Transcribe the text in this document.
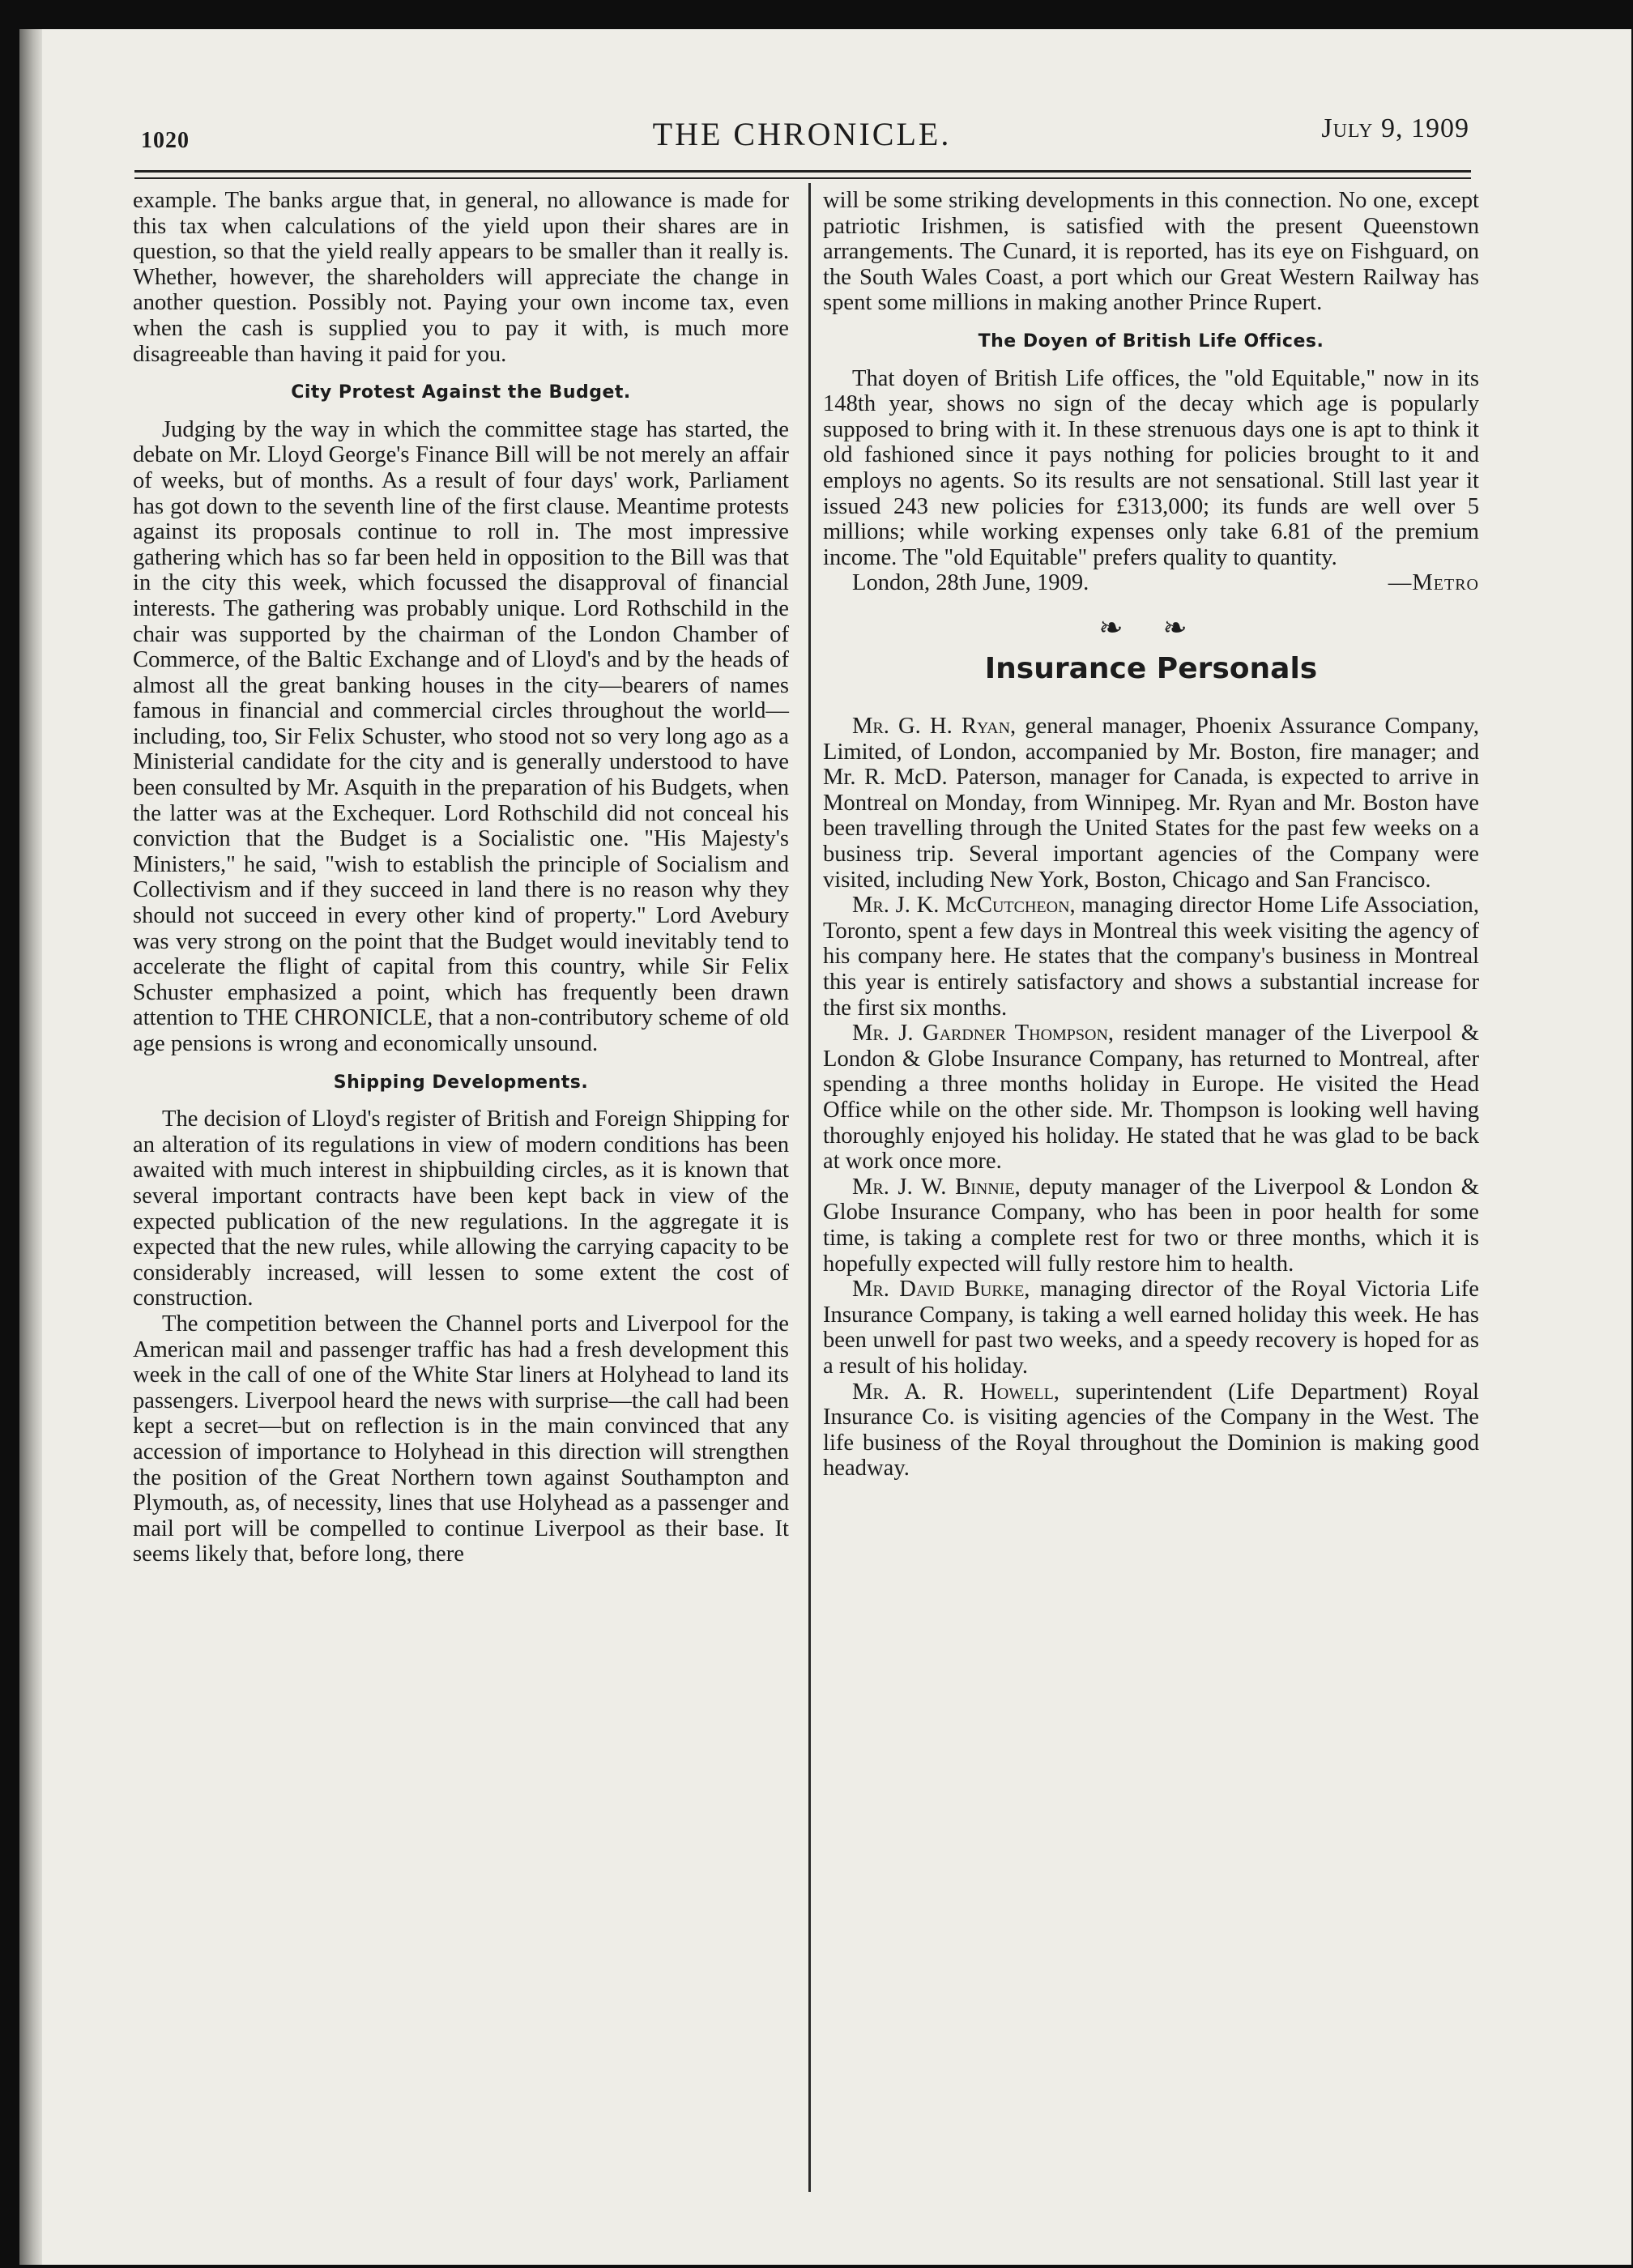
1020	THE CHRONICLE.	July 9, 1909

example. The banks argue that, in general, no allowance is made for this tax when calculations of the yield upon their shares are in question, so that the yield really appears to be smaller than it really is. Whether, however, the shareholders will appreciate the change in another question. Possibly not. Paying your own income tax, even when the cash is supplied you to pay it with, is much more disagreeable than having it paid for you.

City Protest Against the Budget.

Judging by the way in which the committee stage has started, the debate on Mr. Lloyd George's Finance Bill will be not merely an affair of weeks, but of months. As a result of four days' work, Parliament has got down to the seventh line of the first clause. Meantime protests against its proposals continue to roll in. The most impressive gathering which has so far been held in opposition to the Bill was that in the city this week, which focussed the disapproval of financial interests. The gathering was probably unique. Lord Rothschild in the chair was supported by the chairman of the London Chamber of Commerce, of the Baltic Exchange and of Lloyd's and by the heads of almost all the great banking houses in the city—bearers of names famous in financial and commercial circles throughout the world—including, too, Sir Felix Schuster, who stood not so very long ago as a Ministerial candidate for the city and is generally understood to have been consulted by Mr. Asquith in the preparation of his Budgets, when the latter was at the Exchequer. Lord Rothschild did not conceal his conviction that the Budget is a Socialistic one. "His Majesty's Ministers," he said, "wish to establish the principle of Socialism and Collectivism and if they succeed in land there is no reason why they should not succeed in every other kind of property." Lord Avebury was very strong on the point that the Budget would inevitably tend to accelerate the flight of capital from this country, while Sir Felix Schuster emphasized a point, which has frequently been drawn attention to THE CHRONICLE, that a non-contributory scheme of old age pensions is wrong and economically unsound.

Shipping Developments.

The decision of Lloyd's register of British and Foreign Shipping for an alteration of its regulations in view of modern conditions has been awaited with much interest in shipbuilding circles, as it is known that several important contracts have been kept back in view of the expected publication of the new regulations. In the aggregate it is expected that the new rules, while allowing the carrying capacity to be considerably increased, will lessen to some extent the cost of construction.

The competition between the Channel ports and Liverpool for the American mail and passenger traffic has had a fresh development this week in the call of one of the White Star liners at Holyhead to land its passengers. Liverpool heard the news with surprise—the call had been kept a secret—but on reflection is in the main convinced that any accession of importance to Holyhead in this direction will strengthen the position of the Great Northern town against Southampton and Plymouth, as, of necessity, lines that use Holyhead as a passenger and mail port will be compelled to continue Liverpool as their base. It seems likely that, before long, there

will be some striking developments in this connection. No one, except patriotic Irishmen, is satisfied with the present Queenstown arrangements. The Cunard, it is reported, has its eye on Fishguard, on the South Wales Coast, a port which our Great Western Railway has spent some millions in making another Prince Rupert.

The Doyen of British Life Offices.

That doyen of British Life offices, the "old Equitable," now in its 148th year, shows no sign of the decay which age is popularly supposed to bring with it. In these strenuous days one is apt to think it old fashioned since it pays nothing for policies brought to it and employs no agents. So its results are not sensational. Still last year it issued 243 new policies for £313,000; its funds are well over 5 millions; while working expenses only take 6.81 of the premium income. The "old Equitable" prefers quality to quantity.

London, 28th June, 1909.	—Metro

❧ ❧
Insurance Personals

Mr. G. H. Ryan, general manager, Phoenix Assurance Company, Limited, of London, accompanied by Mr. Boston, fire manager; and Mr. R. McD. Paterson, manager for Canada, is expected to arrive in Montreal on Monday, from Winnipeg. Mr. Ryan and Mr. Boston have been travelling through the United States for the past few weeks on a business trip. Several important agencies of the Company were visited, including New York, Boston, Chicago and San Francisco.

Mr. J. K. McCutcheon, managing director Home Life Association, Toronto, spent a few days in Montreal this week visiting the agency of his company here. He states that the company's business in Montreal this year is entirely satisfactory and shows a substantial increase for the first six months.

Mr. J. Gardner Thompson, resident manager of the Liverpool & London & Globe Insurance Company, has returned to Montreal, after spending a three months holiday in Europe. He visited the Head Office while on the other side. Mr. Thompson is looking well having thoroughly enjoyed his holiday. He stated that he was glad to be back at work once more.

Mr. J. W. Binnie, deputy manager of the Liverpool & London & Globe Insurance Company, who has been in poor health for some time, is taking a complete rest for two or three months, which it is hopefully expected will fully restore him to health.

Mr. David Burke, managing director of the Royal Victoria Life Insurance Company, is taking a well earned holiday this week. He has been unwell for past two weeks, and a speedy recovery is hoped for as a result of his holiday.

Mr. A. R. Howell, superintendent (Life Department) Royal Insurance Co. is visiting agencies of the Company in the West. The life business of the Royal throughout the Dominion is making good headway.
